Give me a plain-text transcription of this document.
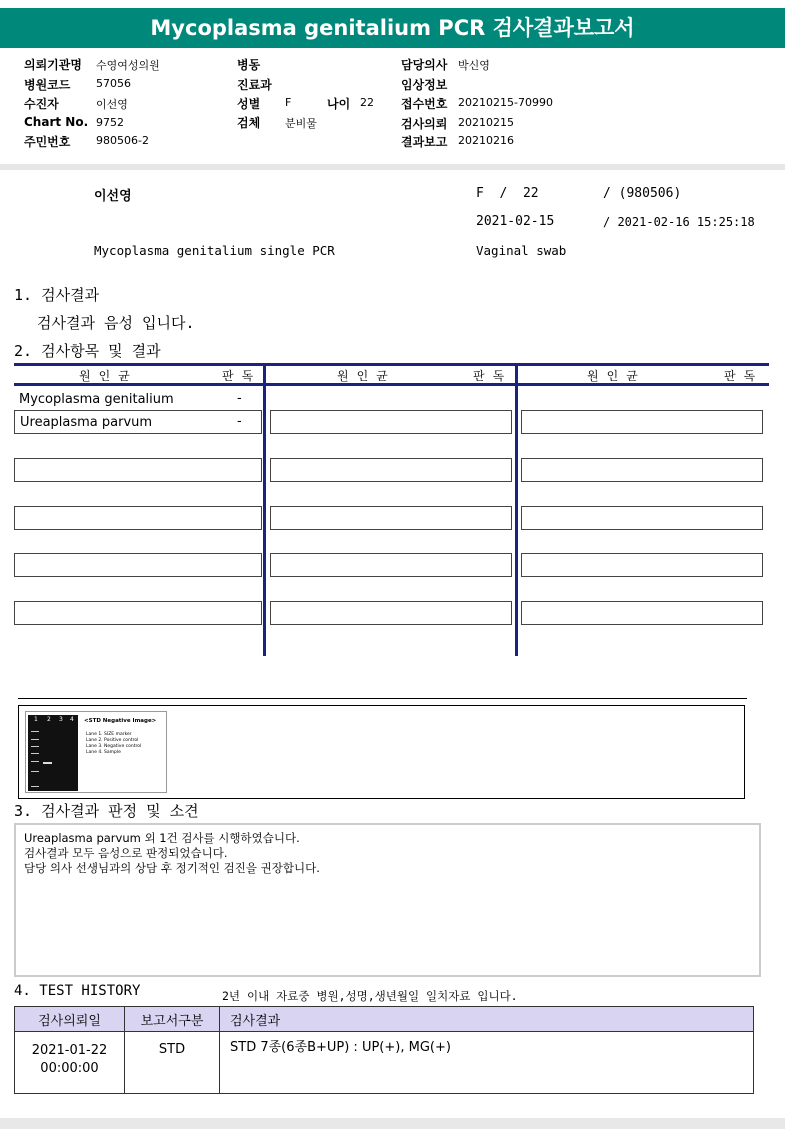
Mycoplasma genitalium PCR 검사결과보고서
의뢰기관명 수영여성의원
병원코드 57056
수진자	이선영
Chart No. 9752
주민번호 980506-2
병동
진료과
성별 F	나이 22
검체 분비물
담당의사 박신영
임상정보
접수번호 20210215-70990
검사의뢰 20210215
결과보고 20210216
이선영	F  /  22	/ (980506)
2021-02-15	/ 2021-02-16 15:25:18
Mycoplasma genitalium single PCR	Vaginal swab
1. 검사결과
검사결과 음성 입니다.
2. 검사항목 및 결과
원인균	판독	원인균	판독	원인균	판독
Mycoplasma genitalium	-
Ureaplasma parvum	-
1 2 3 4 <STD Negative Image>
Lane 1. SIZE marker
Lane 2. Positive control
Lane 3. Negative control
Lane 4. Sample
3. 검사결과 판정 및 소견
Ureaplasma parvum 외 1건 검사를 시행하였습니다.
검사결과 모두 음성으로 판정되었습니다.
담당 의사 선생님과의 상담 후 정기적인 검진을 권장합니다.
4. TEST HISTORY	2년 이내 자료중 병원,성명,생년월일 일치자료 입니다.
검사의뢰일	보고서구분	검사결과

2021-01-22
00:00:00	STD	STD 7종(6종B+UP) : UP(+), MG(+)
